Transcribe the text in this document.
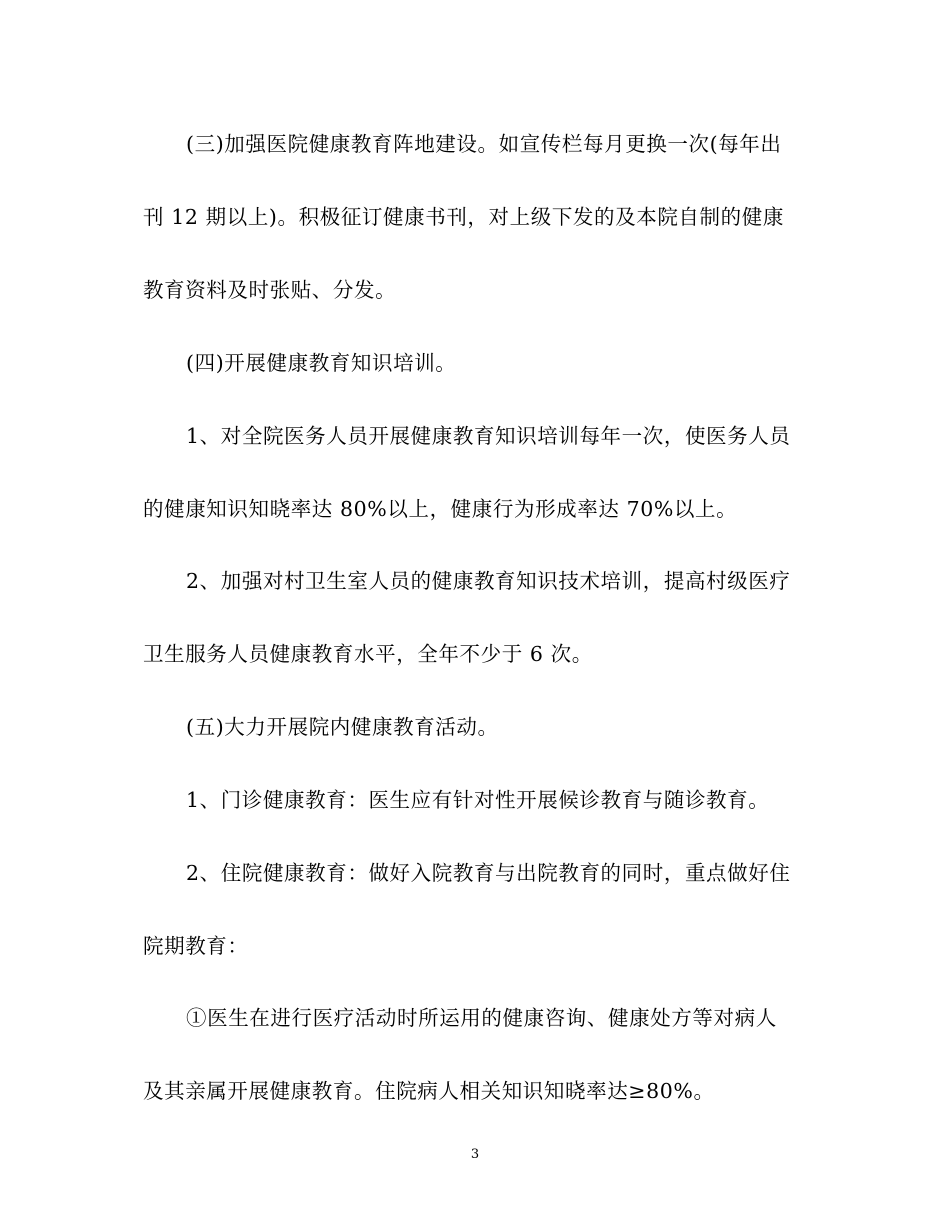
(三)加强医院健康教育阵地建设。如宣传栏每月更换一次(每年出
刊 12 期以上)。积极征订健康书刊，对上级下发的及本院自制的健康
教育资料及时张贴、分发。
(四)开展健康教育知识培训。
1、对全院医务人员开展健康教育知识培训每年一次，使医务人员
的健康知识知晓率达 80%以上，健康行为形成率达 70%以上。
2、加强对村卫生室人员的健康教育知识技术培训，提高村级医疗
卫生服务人员健康教育水平，全年不少于 6 次。
(五)大力开展院内健康教育活动。
1、门诊健康教育：医生应有针对性开展候诊教育与随诊教育。
2、住院健康教育：做好入院教育与出院教育的同时，重点做好住
院期教育：
①医生在进行医疗活动时所运用的健康咨询、健康处方等对病人
及其亲属开展健康教育。住院病人相关知识知晓率达≥80%。
3
